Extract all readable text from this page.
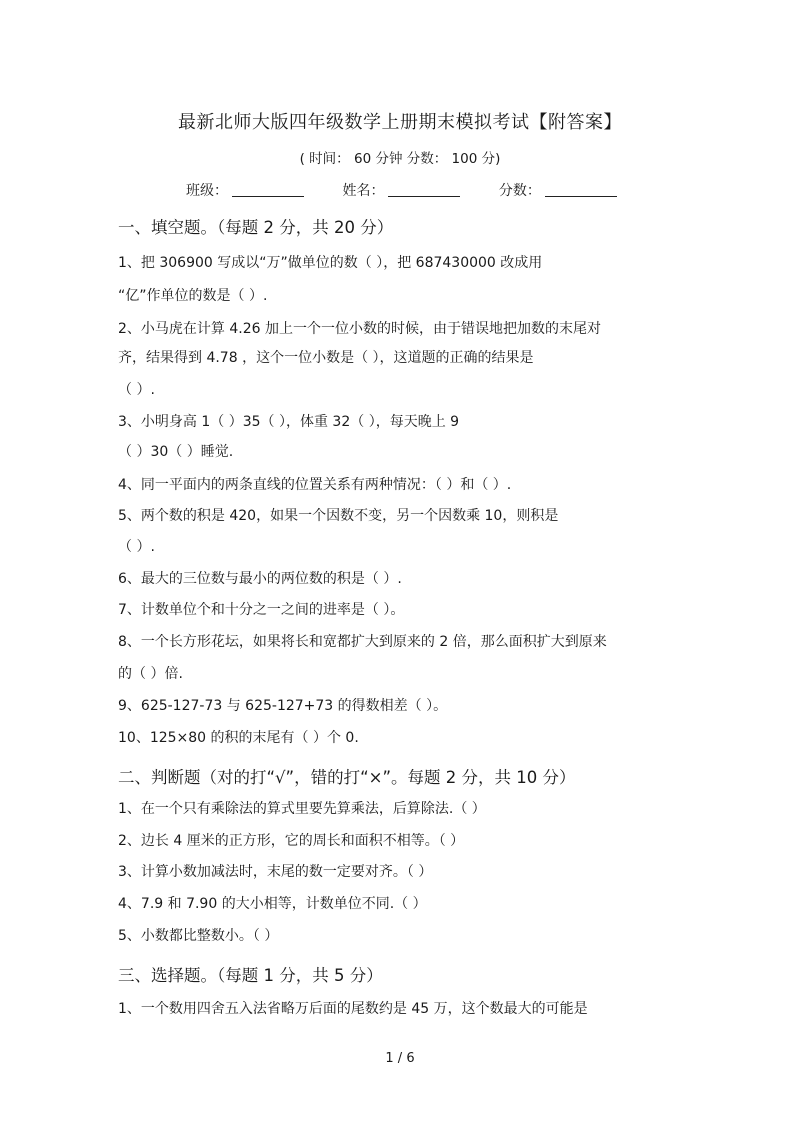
最新北师大版四年级数学上册期末模拟考试【附答案】
( 时间： 60 分钟 分数： 100 分)
班级：	姓名：	分数：
一、填空题。（每题 2 分，共 20 分）
1、把 306900 写成以“万”做单位的数（ ），把 687430000 改成用
“亿”作单位的数是（ ）.
2、小马虎在计算 4.26 加上一个一位小数的时候，由于错误地把加数的末尾对
齐，结果得到 4.78 ，这个一位小数是（ ），这道题的正确的结果是
（ ）.
3、小明身高 1（ ）35（ ），体重 32（ ），每天晚上 9
（ ）30（ ）睡觉.
4、同一平面内的两条直线的位置关系有两种情况：（ ）和（ ）.
5、两个数的积是 420，如果一个因数不变，另一个因数乘 10，则积是
（ ）.
6、最大的三位数与最小的两位数的积是（ ）.
7、计数单位个和十分之一之间的进率是（ ）。
8、一个长方形花坛，如果将长和宽都扩大到原来的 2 倍，那么面积扩大到原来
的（ ）倍.
9、625-127-73 与 625-127+73 的得数相差（ ）。
10、125×80 的积的末尾有（ ）个 0.
二、判断题（对的打“√”，错的打“×”。每题 2 分，共 10 分）
1、在一个只有乘除法的算式里要先算乘法，后算除法.（ ）
2、边长 4 厘米的正方形，它的周长和面积不相等。（ ）
3、计算小数加减法时，末尾的数一定要对齐。（ ）
4、7.9 和 7.90 的大小相等，计数单位不同.（ ）
5、小数都比整数小。（ ）
三、选择题。（每题 1 分，共 5 分）
1、一个数用四舍五入法省略万后面的尾数约是 45 万，这个数最大的可能是
1 / 6
